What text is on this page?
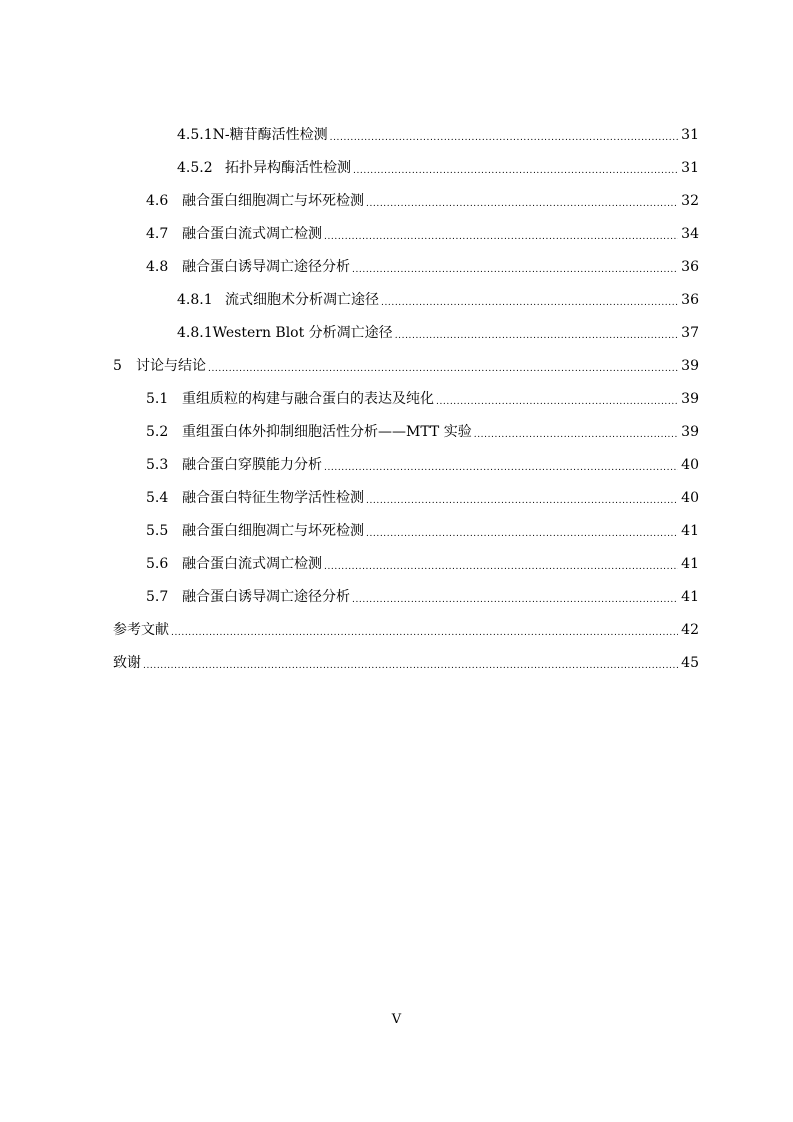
4.5.1 N-糖苷酶活性检测 .....	31
4.5.2 拓扑异构酶活性检测 .....	31
4.6 融合蛋白细胞凋亡与坏死检测 .....	32
4.7 融合蛋白流式凋亡检测 .....	34
4.8 融合蛋白诱导凋亡途径分析 .....	36
4.8.1 流式细胞术分析凋亡途径 .....	36
4.8.1 Western Blot 分析凋亡途径 .....	37
5	讨论与结论 .....	39
5.1 重组质粒的构建与融合蛋白的表达及纯化 .....	39
5.2 重组蛋白体外抑制细胞活性分析——MTT 实验 .....	39
5.3 融合蛋白穿膜能力分析 .....	40
5.4 融合蛋白特征生物学活性检测 .....	40
5.5 融合蛋白细胞凋亡与坏死检测 .....	41
5.6 融合蛋白流式凋亡检测 .....	41
5.7 融合蛋白诱导凋亡途径分析 .....	41
参考文献 .....	42
致谢 .....	45
V
